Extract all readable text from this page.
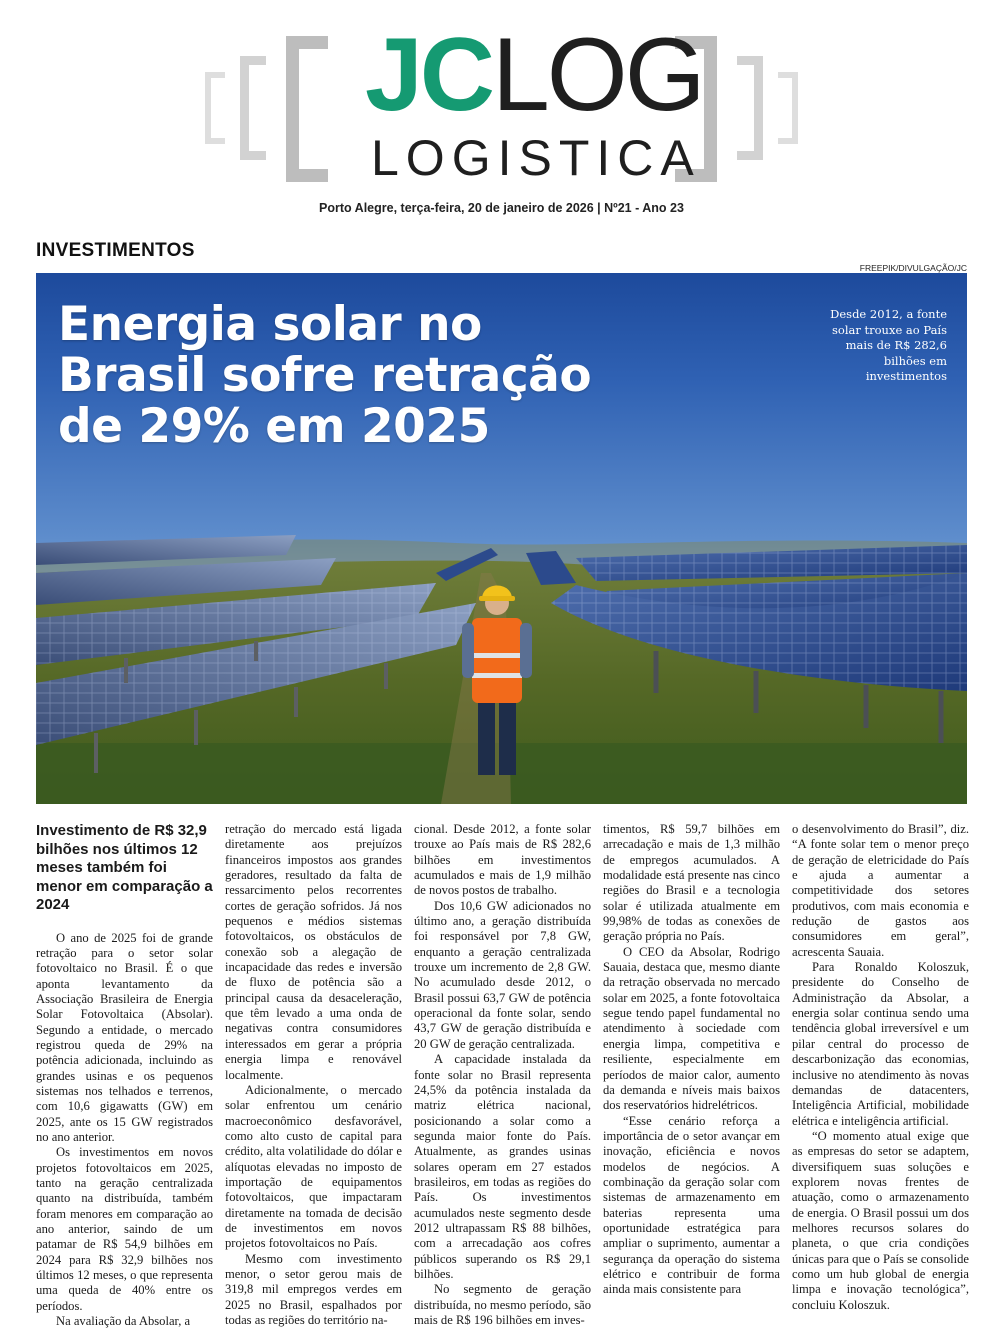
JCLOG
LOGISTICA
Porto Alegre, terça-feira, 20 de janeiro de 2026 | Nº21 - Ano 23
INVESTIMENTOS
FREEPIK/DIVULGAÇÃO/JC
Energia solar no Brasil sofre retração de 29% em 2025
Desde 2012, a fonte solar trouxe ao País mais de R$ 282,6 bilhões em investimentos
Investimento de R$ 32,9 bilhões nos últimos 12 meses também foi menor em comparação a 2024

O ano de 2025 foi de grande retração para o setor solar fotovoltaico no Brasil. É o que aponta levantamento da Associação Brasileira de Energia Solar Fotovoltaica (Absolar). Segundo a entidade, o mercado registrou queda de 29% na potência adicionada, incluindo as grandes usinas e os pequenos sistemas nos telhados e terrenos, com 10,6 gigawatts (GW) em 2025, ante os 15 GW registrados no ano anterior.

Os investimentos em novos projetos fotovoltaicos em 2025, tanto na geração centralizada quanto na distribuída, também foram menores em comparação ao ano anterior, saindo de um patamar de R$ 54,9 bilhões em 2024 para R$ 32,9 bilhões nos últimos 12 meses, o que representa uma queda de 40% entre os períodos.

Na avaliação da Absolar, a

retração do mercado está ligada diretamente aos prejuízos financeiros impostos aos grandes geradores, resultado da falta de ressarcimento pelos recorrentes cortes de geração sofridos. Já nos pequenos e médios sistemas fotovoltaicos, os obstáculos de conexão sob a alegação de incapacidade das redes e inversão de fluxo de potência são a principal causa da desaceleração, que têm levado a uma onda de negativas contra consumidores interessados em gerar a própria energia limpa e renovável localmente.

Adicionalmente, o mercado solar enfrentou um cenário macroeconômico desfavorável, como alto custo de capital para crédito, alta volatilidade do dólar e alíquotas elevadas no imposto de importação de equipamentos fotovoltaicos, que impactaram diretamente na tomada de decisão de investimentos em novos projetos fotovoltaicos no País.

Mesmo com investimento menor, o setor gerou mais de 319,8 mil empregos verdes em 2025 no Brasil, espalhados por todas as regiões do território na-

cional. Desde 2012, a fonte solar trouxe ao País mais de R$ 282,6 bilhões em investimentos acumulados e mais de 1,9 milhão de novos postos de trabalho.

Dos 10,6 GW adicionados no último ano, a geração distribuída foi responsável por 7,8 GW, enquanto a geração centralizada trouxe um incremento de 2,8 GW. No acumulado desde 2012, o Brasil possui 63,7 GW de potência operacional da fonte solar, sendo 43,7 GW de geração distribuída e 20 GW de geração centralizada.

A capacidade instalada da fonte solar no Brasil representa 24,5% da potência instalada da matriz elétrica nacional, posicionando a solar como a segunda maior fonte do País. Atualmente, as grandes usinas solares operam em 27 estados brasileiros, em todas as regiões do País. Os investimentos acumulados neste segmento desde 2012 ultrapassam R$ 88 bilhões, com a arrecadação aos cofres públicos superando os R$ 29,1 bilhões.

No segmento de geração distribuída, no mesmo período, são mais de R$ 196 bilhões em inves-

timentos, R$ 59,7 bilhões em arrecadação e mais de 1,3 milhão de empregos acumulados. A modalidade está presente nas cinco regiões do Brasil e a tecnologia solar é utilizada atualmente em 99,98% de todas as conexões de geração própria no País.

O CEO da Absolar, Rodrigo Sauaia, destaca que, mesmo diante da retração observada no mercado solar em 2025, a fonte fotovoltaica segue tendo papel fundamental no atendimento à sociedade com energia limpa, competitiva e resiliente, especialmente em períodos de maior calor, aumento da demanda e níveis mais baixos dos reservatórios hidrelétricos.

“Esse cenário reforça a importância de o setor avançar em inovação, eficiência e novos modelos de negócios. A combinação da geração solar com sistemas de armazenamento em baterias representa uma oportunidade estratégica para ampliar o suprimento, aumentar a segurança da operação do sistema elétrico e contribuir de forma ainda mais consistente para

o desenvolvimento do Brasil”, diz. “A fonte solar tem o menor preço de geração de eletricidade do País e ajuda a aumentar a competitividade dos setores produtivos, com mais economia e redução de gastos aos consumidores em geral”, acrescenta Sauaia.

Para Ronaldo Koloszuk, presidente do Conselho de Administração da Absolar, a energia solar continua sendo uma tendência global irreversível e um pilar central do processo de descarbonização das economias, inclusive no atendimento às novas demandas de datacenters, Inteligência Artificial, mobilidade elétrica e inteligência artificial.

“O momento atual exige que as empresas do setor se adaptem, diversifiquem suas soluções e explorem novas frentes de atuação, como o armazenamento de energia. O Brasil possui um dos melhores recursos solares do planeta, o que cria condições únicas para que o País se consolide como um hub global de energia limpa e inovação tecnológica”, concluiu Koloszuk.
